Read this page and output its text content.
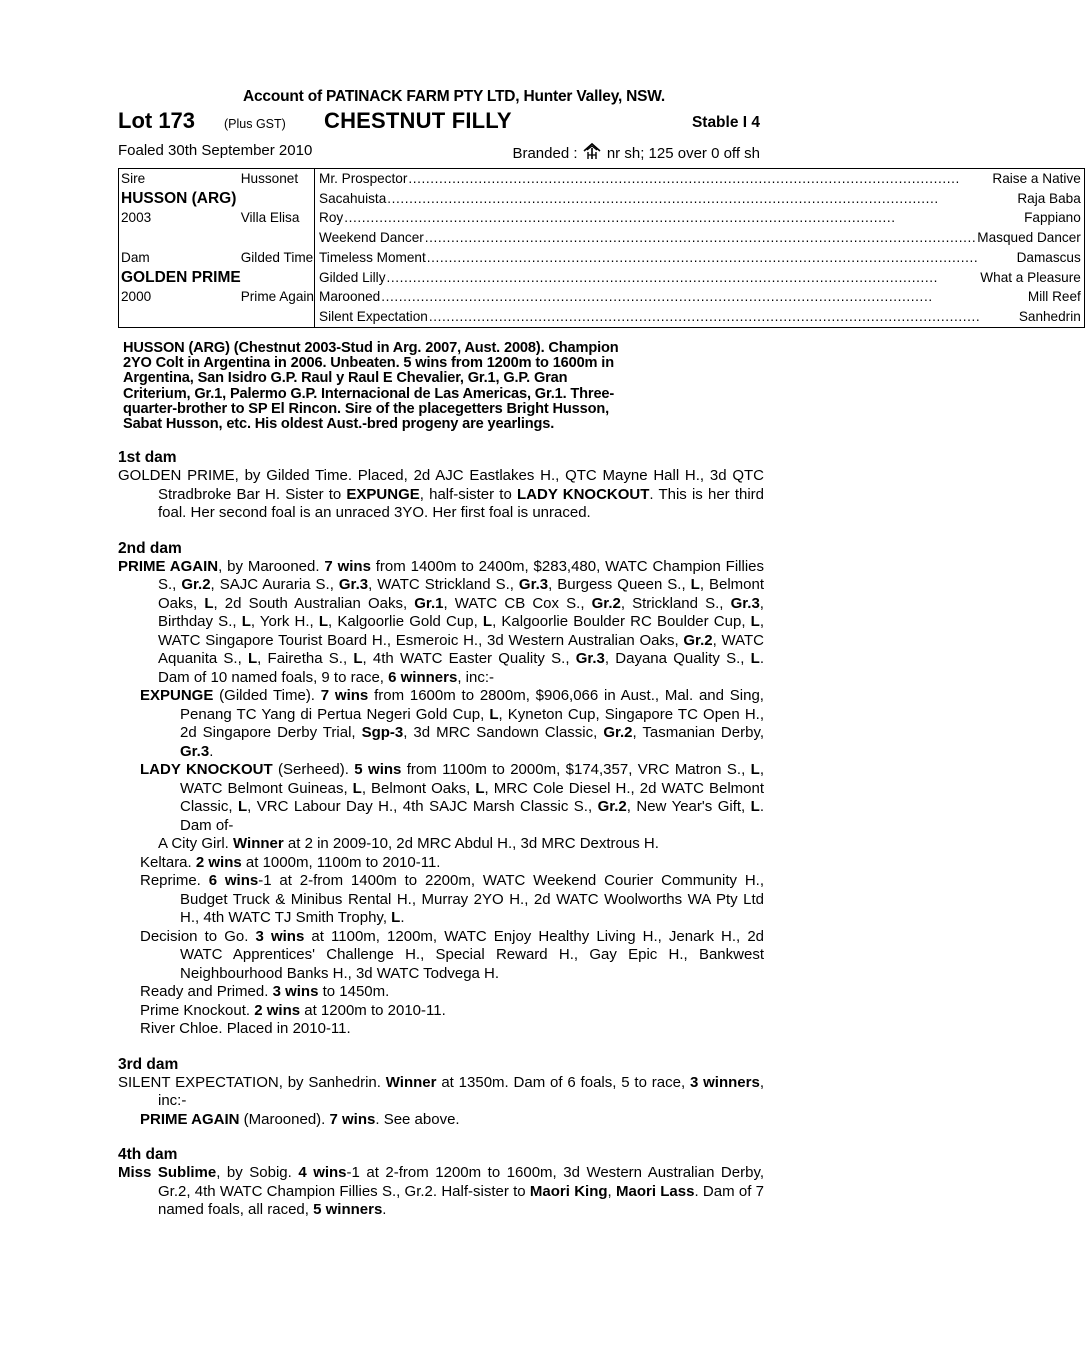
Account of PATINACK FARM PTY LTD, Hunter Valley, NSW.
Lot 173 (Plus GST) CHESTNUT FILLY	Stable I 4
Foaled 30th September 2010	Branded : nr sh; 125 over 0 off sh
Sire	Hussonet	Mr. Prospector ..... Raise a Native

HUSSON (ARG)		Sacahuista ..... Raja Baba

2003	Villa Elisa	Roy ..... Fappiano

		Weekend Dancer ..... Masqued Dancer

Dam	Gilded Time	Timeless Moment ..... Damascus

GOLDEN PRIME		Gilded Lilly ..... What a Pleasure

2000	Prime Again	Marooned ..... Mill Reef

		Silent Expectation ..... Sanhedrin
HUSSON (ARG) (Chestnut 2003-Stud in Arg. 2007, Aust. 2008). Champion
2YO Colt in Argentina in 2006. Unbeaten. 5 wins from 1200m to 1600m in
Argentina, San Isidro G.P. Raul y Raul E Chevalier, Gr.1, G.P. Gran
Criterium, Gr.1, Palermo G.P. Internacional de Las Americas, Gr.1. Three-
quarter-brother to SP El Rincon. Sire of the placegetters Bright Husson,
Sabat Husson, etc. His oldest Aust.-bred progeny are yearlings.
1st dam
GOLDEN PRIME, by Gilded Time. Placed, 2d AJC Eastlakes H., QTC Mayne Hall H., 3d QTC Stradbroke Bar H. Sister to EXPUNGE, half-sister to LADY KNOCKOUT. This is her third foal. Her second foal is an unraced 3YO. Her first foal is unraced.
2nd dam
PRIME AGAIN, by Marooned. 7 wins from 1400m to 2400m, $283,480, WATC Champion Fillies S., Gr.2, SAJC Auraria S., Gr.3, WATC Strickland S., Gr.3, Burgess Queen S., L, Belmont Oaks, L, 2d South Australian Oaks, Gr.1, WATC CB Cox S., Gr.2, Strickland S., Gr.3, Birthday S., L, York H., L, Kalgoorlie Gold Cup, L, Kalgoorlie Boulder RC Boulder Cup, L, WATC Singapore Tourist Board H., Esmeroic H., 3d Western Australian Oaks, Gr.2, WATC Aquanita S., L, Fairetha S., L, 4th WATC Easter Quality S., Gr.3, Dayana Quality S., L. Dam of 10 named foals, 9 to race, 6 winners, inc:-
EXPUNGE (Gilded Time). 7 wins from 1600m to 2800m, $906,066 in Aust., Mal. and Sing, Penang TC Yang di Pertua Negeri Gold Cup, L, Kyneton Cup, Singapore TC Open H., 2d Singapore Derby Trial, Sgp-3, 3d MRC Sandown Classic, Gr.2, Tasmanian Derby, Gr.3.
LADY KNOCKOUT (Serheed). 5 wins from 1100m to 2000m, $174,357, VRC Matron S., L, WATC Belmont Guineas, L, Belmont Oaks, L, MRC Cole Diesel H., 2d WATC Belmont Classic, L, VRC Labour Day H., 4th SAJC Marsh Classic S., Gr.2, New Year's Gift, L. Dam of-
A City Girl. Winner at 2 in 2009-10, 2d MRC Abdul H., 3d MRC Dextrous H.
Keltara. 2 wins at 1000m, 1100m to 2010-11.
Reprime. 6 wins-1 at 2-from 1400m to 2200m, WATC Weekend Courier Community H., Budget Truck & Minibus Rental H., Murray 2YO H., 2d WATC Woolworths WA Pty Ltd H., 4th WATC TJ Smith Trophy, L.
Decision to Go. 3 wins at 1100m, 1200m, WATC Enjoy Healthy Living H., Jenark H., 2d WATC Apprentices' Challenge H., Special Reward H., Gay Epic H., Bankwest Neighbourhood Banks H., 3d WATC Todvega H.
Ready and Primed. 3 wins to 1450m.
Prime Knockout. 2 wins at 1200m to 2010-11.
River Chloe. Placed in 2010-11.
3rd dam
SILENT EXPECTATION, by Sanhedrin. Winner at 1350m. Dam of 6 foals, 5 to race, 3 winners, inc:-
PRIME AGAIN (Marooned). 7 wins. See above.
4th dam
Miss Sublime, by Sobig. 4 wins-1 at 2-from 1200m to 1600m, 3d Western Australian Derby, Gr.2, 4th WATC Champion Fillies S., Gr.2. Half-sister to Maori King, Maori Lass. Dam of 7 named foals, all raced, 5 winners.
